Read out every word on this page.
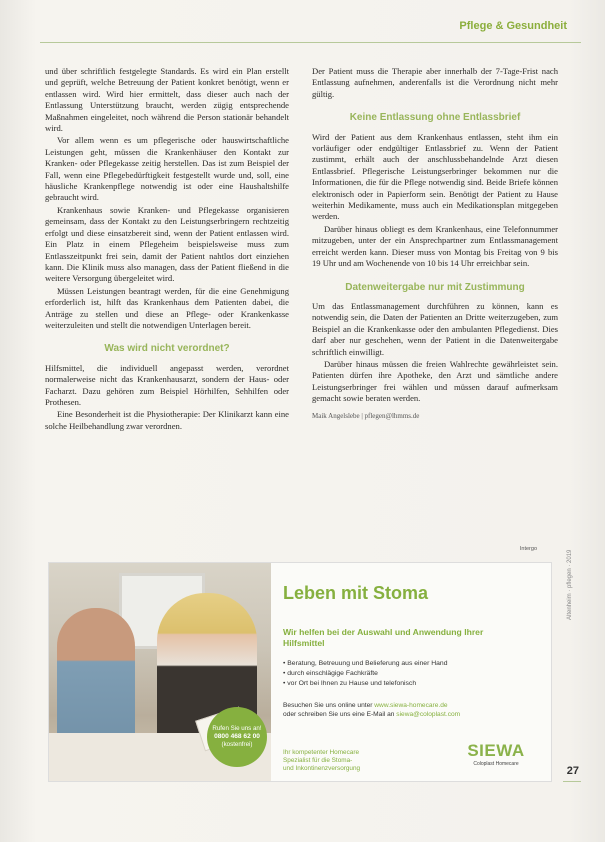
Pflege & Gesundheit

und über schriftlich festgelegte Standards. Es wird ein Plan erstellt und geprüft, welche Betreuung der Patient konkret benötigt, wenn er entlassen wird. Wird hier ermittelt, dass dieser auch nach der Entlassung Unterstützung braucht, werden zügig entsprechende Maßnahmen eingeleitet, noch während die Person stationär behandelt wird.

Vor allem wenn es um pflegerische oder hauswirtschaftliche Leistungen geht, müssen die Krankenhäuser den Kontakt zur Kranken- oder Pflegekasse zeitig herstellen. Das ist zum Beispiel der Fall, wenn eine Pflegebedürftigkeit festgestellt wurde und, soll, eine häusliche Krankenpflege notwendig ist oder eine Haushaltshilfe gebraucht wird.

Krankenhaus sowie Kranken- und Pflegekasse organisieren gemeinsam, dass der Kontakt zu den Leistungserbringern rechtzeitig erfolgt und diese einsatzbereit sind, wenn der Patient entlassen wird. Ein Platz in einem Pflegeheim beispielsweise muss zum Entlasszeitpunkt frei sein, damit der Patient nahtlos dort einziehen kann. Die Klinik muss also managen, dass der Patient fließend in die weitere Versorgung übergeleitet wird.

Müssen Leistungen beantragt werden, für die eine Genehmigung erforderlich ist, hilft das Krankenhaus dem Patienten dabei, die Anträge zu stellen und diese an Pflege- oder Krankenkasse weiterzuleiten und stellt die notwendigen Unterlagen bereit.

Was wird nicht verordnet?

Hilfsmittel, die individuell angepasst werden, verordnet normalerweise nicht das Krankenhausarzt, sondern der Haus- oder Facharzt. Dazu gehören zum Beispiel Hörhilfen, Sehhilfen oder Prothesen.

Eine Besonderheit ist die Physiotherapie: Der Klinikarzt kann eine solche Heilbehandlung zwar verordnen.

Der Patient muss die Therapie aber innerhalb der 7-Tage-Frist nach Entlassung aufnehmen, anderenfalls ist die Verordnung nicht mehr gültig.

Keine Entlassung ohne Entlassbrief

Wird der Patient aus dem Krankenhaus entlassen, steht ihm ein vorläufiger oder endgültiger Entlassbrief zu. Wenn der Patient zustimmt, erhält auch der anschlussbehandelnde Arzt diesen Entlassbrief. Pflegerische Leistungserbringer bekommen nur die Informationen, die für die Pflege notwendig sind. Beide Briefe können elektronisch oder in Papierform sein. Benötigt der Patient zu Hause weiterhin Medikamente, muss auch ein Medikationsplan mitgegeben werden.

Darüber hinaus obliegt es dem Krankenhaus, eine Telefonnummer mitzugeben, unter der ein Ansprechpartner zum Entlassmanagement erreicht werden kann. Dieser muss von Montag bis Freitag von 9 bis 19 Uhr und am Wochenende von 10 bis 14 Uhr erreichbar sein.

Datenweitergabe nur mit Zustimmung

Um das Entlassmanagement durchführen zu können, kann es notwendig sein, die Daten der Patienten an Dritte weiterzugeben, zum Beispiel an die Krankenkasse oder den ambulanten Pflegedienst. Dies darf aber nur geschehen, wenn der Patient in die Datenweitergabe schriftlich einwilligt.

Darüber hinaus müssen die freien Wahlrechte gewährleistet sein. Patienten dürfen ihre Apotheke, den Arzt und sämtliche andere Leistungserbringer frei wählen und müssen darauf aufmerksam gemacht sowie beraten werden.

Maik Angelslebe | pflegen@lhmms.de
Intergo
Rufen Sie uns an!
0800 468 62 00
(kostenfrei)
Leben mit Stoma
Wir helfen bei der Auswahl und Anwendung Ihrer Hilfsmittel
• Beratung, Betreuung und Belieferung aus einer Hand
• durch einschlägige Fachkräfte
• vor Ort bei Ihnen zu Hause und telefonisch
Besuchen Sie uns online unter www.siewa-homecare.de
oder schreiben Sie uns eine E-Mail an siewa@coloplast.com
Ihr kompetenter Homecare
Spezialist für die Stoma-
und Inkontinenzversorgung
SIEWA
Coloplast Homecare
Altenheim · pflegen · 2019
27
